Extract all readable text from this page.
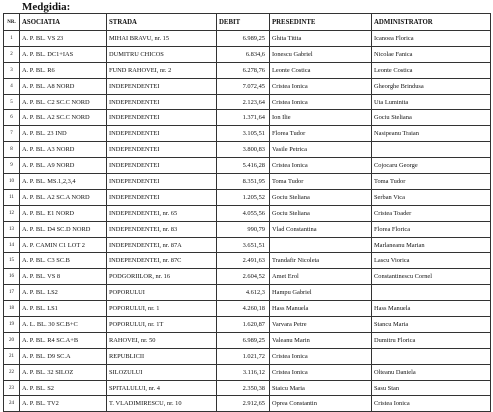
Medgidia:
NR.	ASOCIATIA	STRADA	DEBIT	PRESEDINTE	ADMINISTRATOR
1	A. P. BL. VS 23	MIHAI BRAVU, nr. 15	6.989,25	Ghita Titita	Icanoea Florica
2	A. P. BL. DC1+IAS	DUMITRU CHICOS	6.834,6	Ionescu Gabriel	Nicolae Fanica
3	A. P. BL. R6	FUND RAHOVEI, nr. 2	6.278,76	Leonte Costica	Leonte Costica
4	A. P. BL. A8 NORD	INDEPENDENTEI	7.072,45	Cristea Ionica	Gheorghe Brindusa
5	A. P. BL. C2 SC.C NORD	INDEPENDENTEI	2.123,64	Cristea Ionica	Uta Luminita
6	A. P. BL. A2 SC.C NORD	INDEPENDENTEI	1.371,64	Ion Ilie	Gociu Steliana
7	A. P. BL. 23 IND	INDEPENDENTEI	3.105,51	Florea Tudor	Nasipeanu Traian
8	A. P. BL. A3 NORD	INDEPENDENTEI	3.800,83	Vasile Petrica	
9	A. P. BL. A9 NORD	INDEPENDENTEI	5.416,28	Cristea Ionica	Cojocaru George
10	A. P. BL. MS.1,2,3,4	INDEPENDENTEI	8.351,95	Toma Tudor	Toma Tudor
11	A. P. BL. A2 SC.A NORD	INDEPENDENTEI	1.205,52	Gociu Steliana	Serban Vica
12	A. P. BL. E1 NORD	INDEPENDENTEI, nr. 65	4.055,56	Gociu Steliana	Cristea Toader
13	A. P. BL. D4 SC.D NORD	INDEPENDENTEI, nr. 83	990,79	Vlad Constantina	Florea Florica
14	A. P. CAMIN C1 LOT 2	INDEPENDENTEI, nr. 87A	3.651,51		Marlaneanu Marian
15	A. P. BL. C3 SC.B	INDEPENDENTEI, nr. 87C	2.491,63	Trandafir Nicoleta	Lascu Viorica
16	A. P. BL. VS 8	PODGORIILOR, nr. 16	2.604,52	Amet Erol	Constantinescu Cornel
17	A. P. BL. LS2	POPORULUI	4.612,3	Hampu Gabriel	
18	A. P. BL. LS1	POPORULUI, nr. 1	4.260,18	Hass Manuela	Hass Manuela
19	A. L. BL. 30 SC.B+C	POPORULUI, nr. 1T	1.620,87	Varvara Petre	Stancu Maria
20	A. P. BL. R4 SC.A+B	RAHOVEI, nr. 50	6.989,25	Valeanu Marin	Dumitru Florica
21	A. P. BL. D9 SC.A	REPUBLICII	1.021,72	Cristea Ionica	
22	A. P. BL. 32 SILOZ	SILOZULUI	3.116,12	Cristea Ionica	Olteanu Daniela
23	A. P. BL. S2	SPITALULUI, nr. 4	2.350,38	Staicu Maria	Sasu Stan
24	A. P. BL. TV2	T. VLADIMIRESCU, nr. 10	2.912,65	Oprea Constantin	Cristea Ionica
